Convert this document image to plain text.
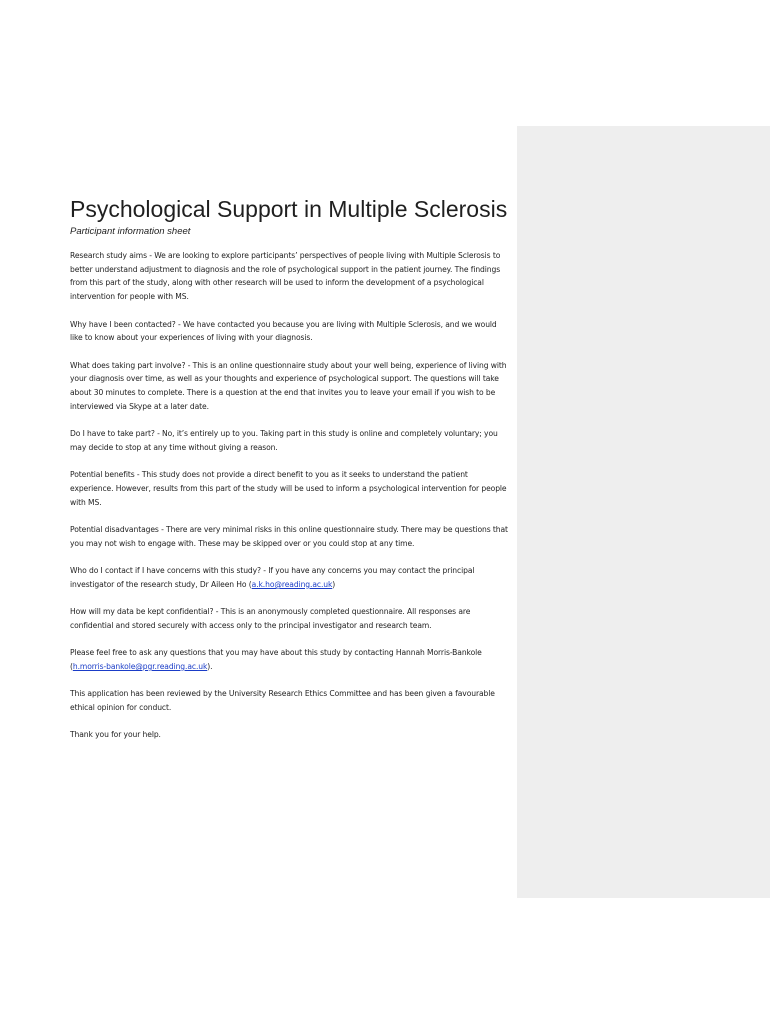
Psychological Support in Multiple Sclerosis

Participant information sheet

Research study aims - We are looking to explore participants’ perspectives of people living with Multiple Sclerosis to better understand adjustment to diagnosis and the role of psychological support in the patient journey. The findings from this part of the study, along with other research will be used to inform the development of a psychological intervention for people with MS.

Why have I been contacted? - We have contacted you because you are living with Multiple Sclerosis, and we would like to know about your experiences of living with your diagnosis.

What does taking part involve? - This is an online questionnaire study about your well being, experience of living with your diagnosis over time, as well as your thoughts and experience of psychological support. The questions will take about 30 minutes to complete. There is a question at the end that invites you to leave your email if you wish to be interviewed via Skype at a later date.

Do I have to take part? - No, it’s entirely up to you. Taking part in this study is online and completely voluntary; you may decide to stop at any time without giving a reason.

Potential benefits - This study does not provide a direct benefit to you as it seeks to understand the patient experience. However, results from this part of the study will be used to inform a psychological intervention for people with MS.

Potential disadvantages - There are very minimal risks in this online questionnaire study. There may be questions that you may not wish to engage with. These may be skipped over or you could stop at any time.

Who do I contact if I have concerns with this study? - If you have any concerns you may contact the principal investigator of the research study, Dr Aileen Ho (a.k.ho@reading.ac.uk)

How will my data be kept confidential? - This is an anonymously completed questionnaire. All responses are confidential and stored securely with access only to the principal investigator and research team.

Please feel free to ask any questions that you may have about this study by contacting Hannah Morris-Bankole (h.morris-bankole@pgr.reading.ac.uk).

This application has been reviewed by the University Research Ethics Committee and has been given a favourable ethical opinion for conduct.

Thank you for your help.
